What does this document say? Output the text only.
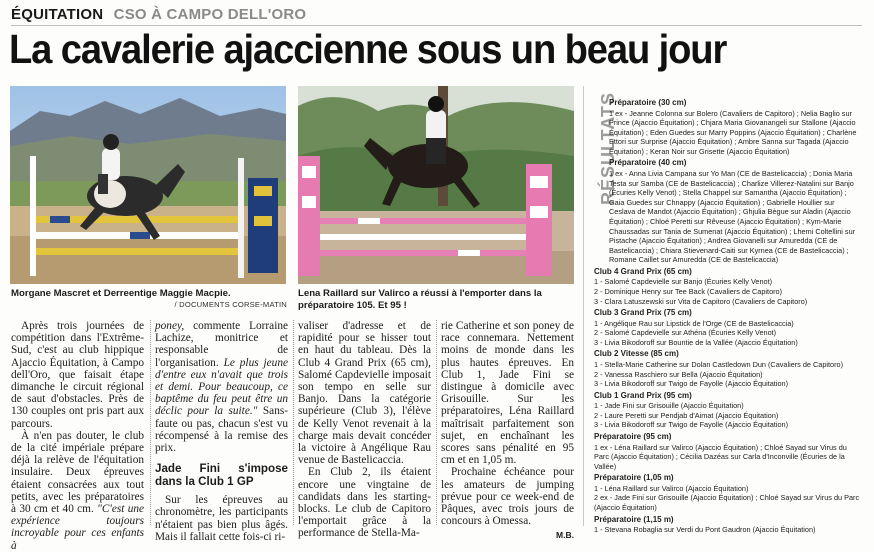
ÉQUITATION CSO À CAMPO DELL'ORO
La cavalerie ajaccienne sous un beau jour
Morgane Mascret et Derreentige Maggie Macpie.
/ DOCUMENTS CORSE-MATIN
Lena Raillard sur Valirco a réussi à l'emporter dans la préparatoire 105. Et 95 !

Après trois journées de compétition dans l'Extrême-Sud, c'est au club hippique Ajaccio Équitation, à Campo dell'Oro, que faisait étape dimanche le circuit régional de saut d'obstacles. Près de 130 couples ont pris part aux parcours.

À n'en pas douter, le club de la cité impériale prépare déjà la relève de l'équitation insulaire. Deux épreuves étaient consacrées aux tout petits, avec les préparatoires à 30 cm et 40 cm. "C'est une expérience toujours incroyable pour ces enfants à

poney, commente Lorraine Lachize, monitrice et responsable de l'organisation. Le plus jeune d'entre eux n'avait que trois et demi. Pour beaucoup, ce baptême du feu peut être un déclic pour la suite." Sans-faute ou pas, chacun s'est vu récompensé à la remise des prix.

Jade Fini s'impose dans la Club 1 GP

Sur les épreuves au chronomètre, les participants n'étaient pas bien plus âgés. Mais il fallait cette fois-ci ri-

valiser d'adresse et de rapidité pour se hisser tout en haut du tableau. Dès la Club 4 Grand Prix (65 cm), Salomé Capdevielle imposait son tempo en selle sur Banjo. Dans la catégorie supérieure (Club 3), l'élève de Kelly Venot revenait à la charge mais devait concéder la victoire à Angélique Rau venue de Bastelicaccia.

En Club 2, ils étaient encore une vingtaine de candidats dans les starting-blocks. Le club de Capitoro l'emportait grâce à la performance de Stella-Ma-

rie Catherine et son poney de race connemara. Nettement moins de monde dans les plus hautes épreuves. En Club 1, Jade Fini se distingue à domicile avec Grisouille. Sur les préparatoires, Léna Raillard maîtrisait parfaitement son sujet, en enchaînant les scores sans pénalité en 95 cm et en 1,05 m.

Prochaine échéance pour les amateurs de jumping prévue pour ce week-end de Pâques, avec trois jours de concours à Omessa.

M.B.
RÉSULTATS
Préparatoire (30 cm)
1 ex - Jeanne Colonna sur Bolero (Cavaliers de Capitoro) ; Nelia Baglio sur Prince (Ajaccio Équitation) ; Chjara Maria Giovanangeli sur Stallone (Ajaccio Équitation) ; Eden Guedes sur Marry Poppins (Ajaccio Équitation) ; Charlène Ettori sur Surprise (Ajaccio Équitation) ; Ambre Sanna sur Tagada (Ajaccio Équitation) ; Keran Noir sur Grisette (Ajaccio Équitation)
Préparatoire (40 cm)
1 ex - Anna Livia Campana sur Yo Man (CE de Bastelicaccia) ; Donia Maria Testa sur Samba (CE de Bastelicaccia) ; Charlize Villerez-Natalini sur Banjo (Écuries Kelly Venot) ; Stella Chappel sur Samantha (Ajaccio Équitation) ; Gaia Guedes sur Chnappy (Ajaccio Équitation) ; Gabrielle Houllier sur Ceslava de Mandot (Ajaccio Équitation) ; Ghjulia Bègue sur Aladin (Ajaccio Équitation) ; Chloé Peretti sur Rêveuse (Ajaccio Équitation) ; Kym-Marie Chaussadas sur Tania de Sumenat (Ajaccio Équitation) ; Lhemi Coltellini sur Pistache (Ajaccio Équitation) ; Andrea Giovanelli sur Amuredda (CE de Bastelicaccia) ; Chiara Stievenard-Caiti sur Kyrnea (CE de Bastelicaccia) ; Romane Caillet sur Amuredda (CE de Bastelicaccia)
Club 4 Grand Prix (65 cm)
1 - Salomé Capdevielle sur Banjo (Écuries Kelly Venot)
2 - Dominique Henry sur Tee Back (Cavaliers de Capitoro)
3 - Clara Latuszewski sur Vita de Capitoro (Cavaliers de Capitoro)
Club 3 Grand Prix (75 cm)
1 - Angélique Rau sur Lipstick de l'Orge (CE de Bastelicaccia)
2 - Salomé Capdevielle sur Athéna (Écuries Kelly Venot)
3 - Livia Bikodoroff sur Bountie de la Vallée (Ajaccio Équitation)
Club 2 Vitesse (85 cm)
1 - Stella-Marie Catherine sur Dolan Castledown Dun (Cavaliers de Capitoro)
2 - Vanessa Raschiero sur Bella (Ajaccio Équitation)
3 - Livia Bikodoroff sur Twigo de Fayolle (Ajaccio Équitation)
Club 1 Grand Prix (95 cm)
1 - Jade Fini sur Grisouille (Ajaccio Équitation)
2 - Laure Peretti sur Pendjab d'Aimat (Ajaccio Équitation)
3 - Livia Bikodoroff sur Twigo de Fayolle (Ajaccio Équitation)
Préparatoire (95 cm)
1 ex - Léna Raillard sur Valirco (Ajaccio Équitation) ; Chloé Sayad sur Virus du Parc (Ajaccio Équitation) ; Cécilia Dazéas sur Carla d'Inconville (Écuries de la Vallée)
Préparatoire (1,05 m)
1 - Léna Raillard sur Valirco (Ajaccio Équitation)
2 ex - Jade Fini sur Grisouille (Ajaccio Équitation) ; Chloé Sayad sur Virus du Parc (Ajaccio Équitation)
Préparatoire (1,15 m)
1 - Stevana Robaglia sur Verdi du Pont Gaudron (Ajaccio Équitation)
